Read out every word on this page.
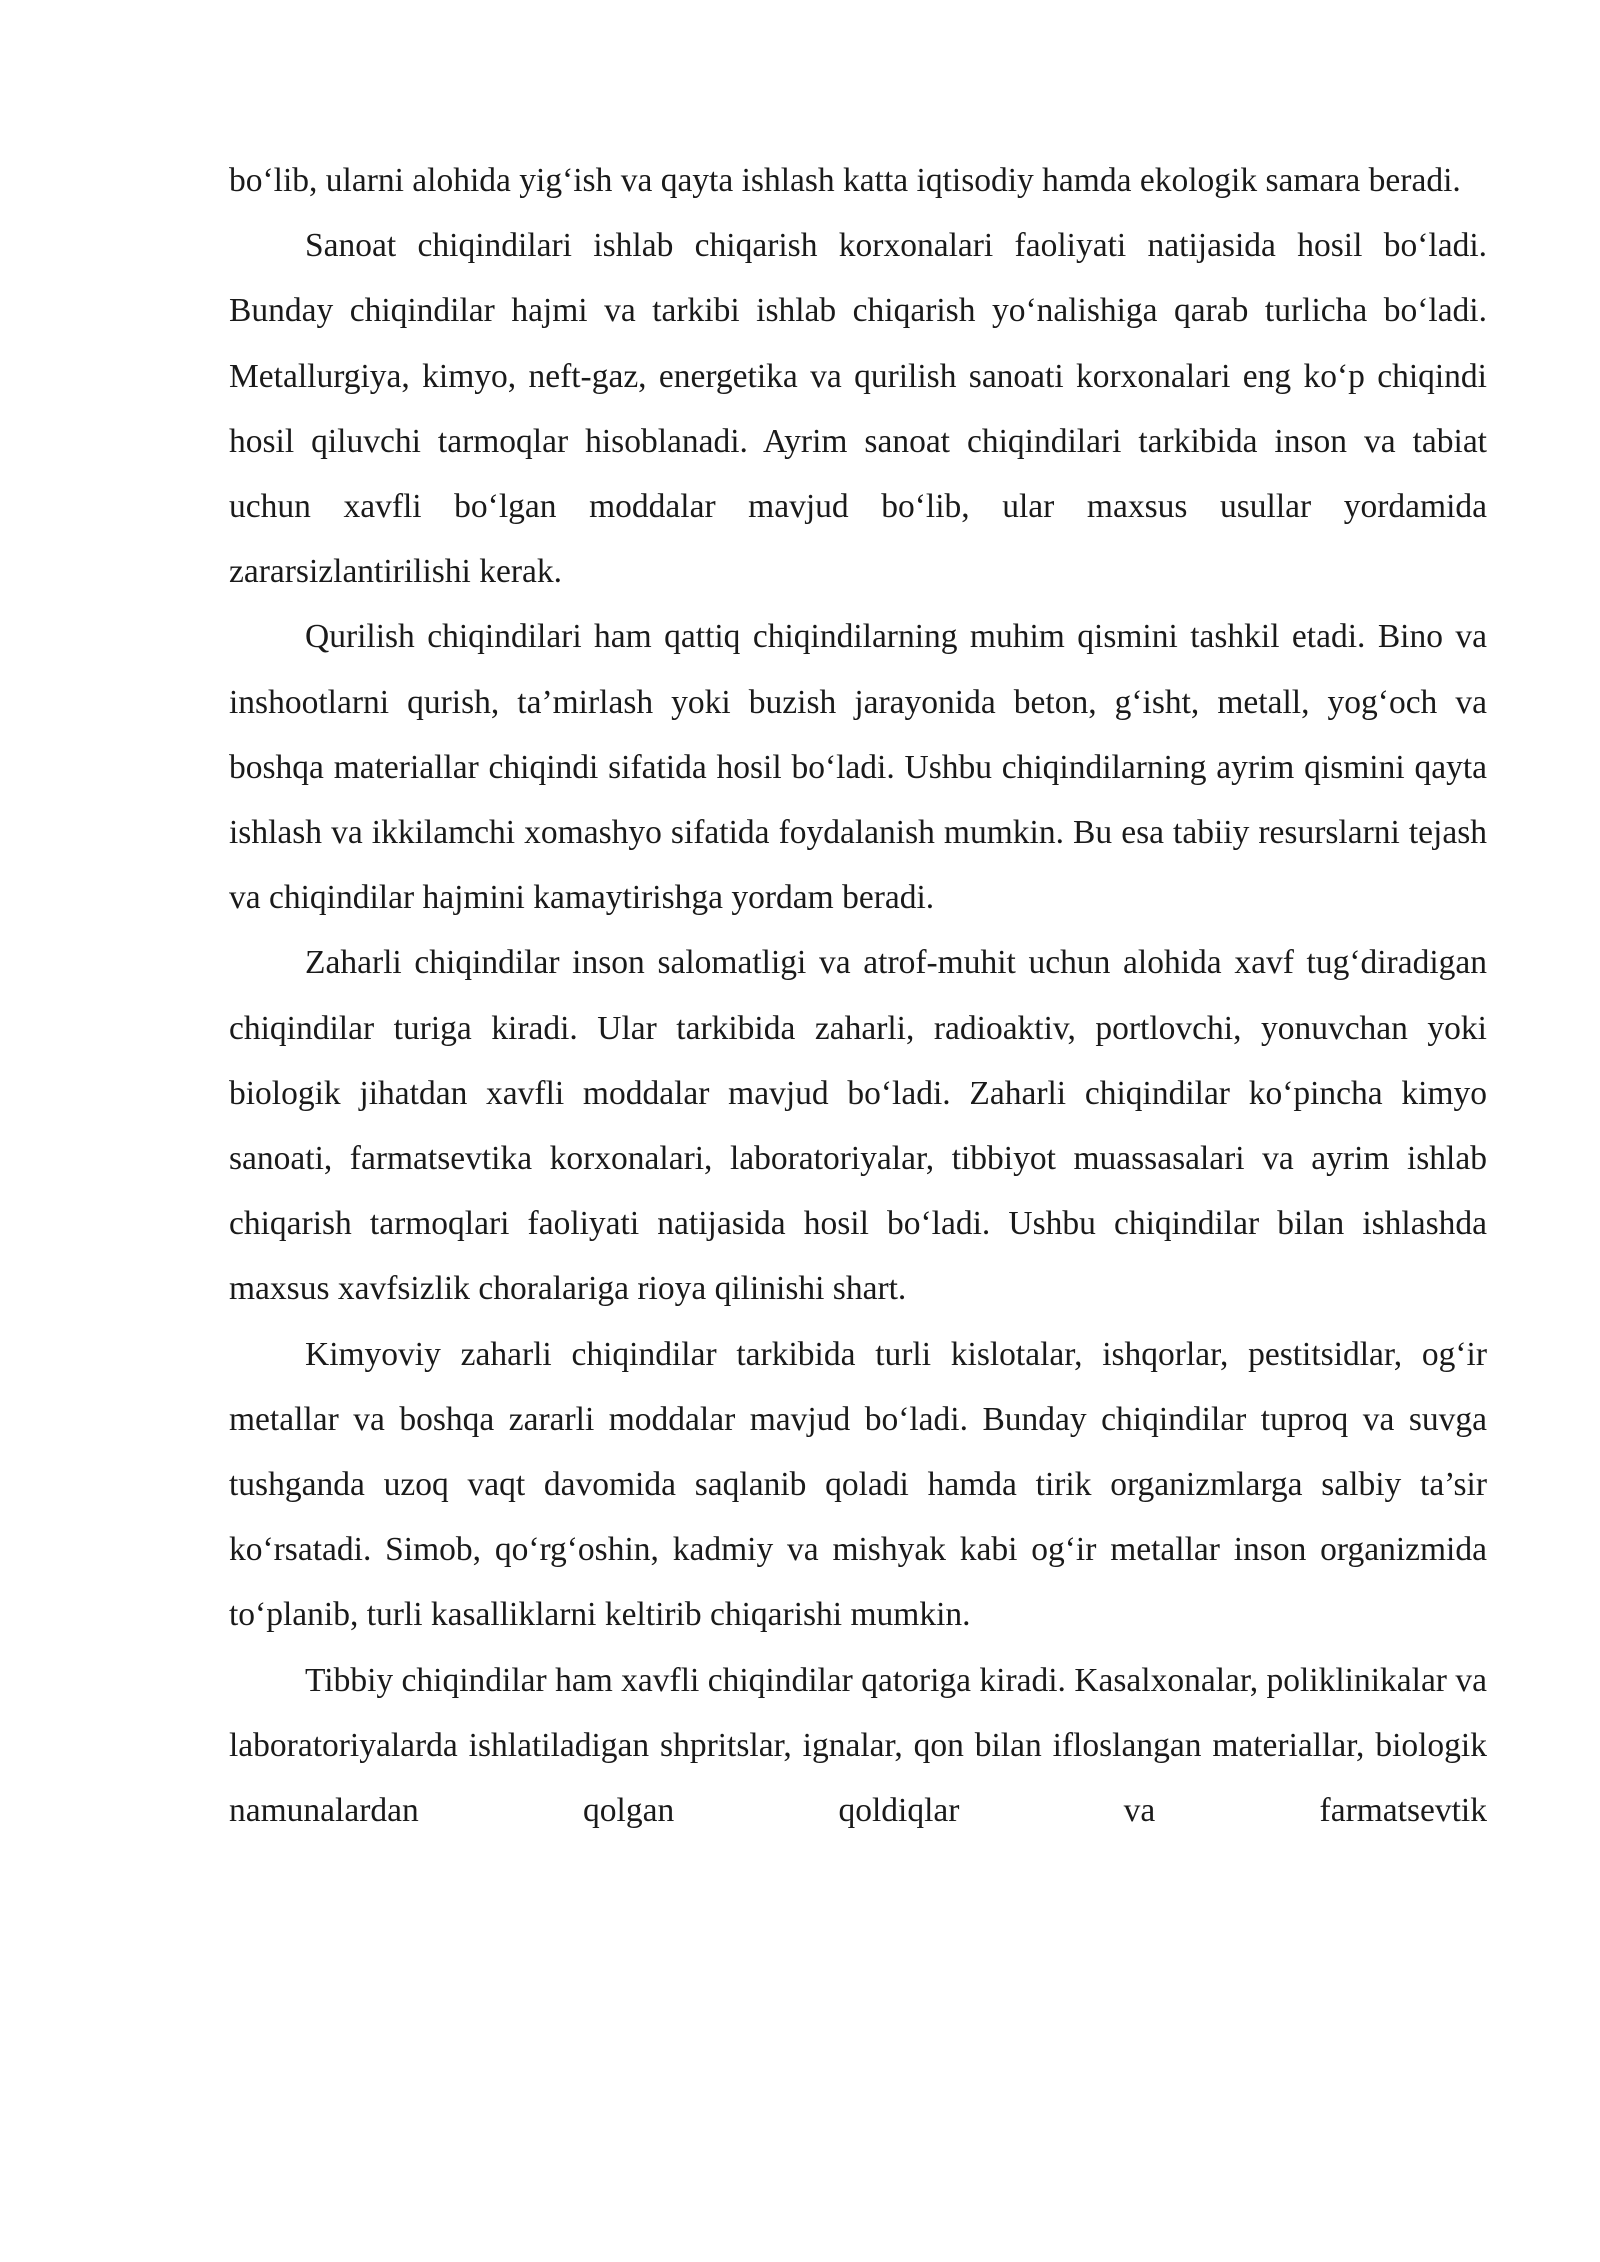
bo‘lib, ularni alohida yig‘ish va qayta ishlash katta iqtisodiy hamda ekologik samara beradi.

Sanoat chiqindilari ishlab chiqarish korxonalari faoliyati natijasida hosil bo‘ladi. Bunday chiqindilar hajmi va tarkibi ishlab chiqarish yo‘nalishiga qarab turlicha bo‘ladi. Metallurgiya, kimyo, neft-gaz, energetika va qurilish sanoati korxonalari eng ko‘p chiqindi hosil qiluvchi tarmoqlar hisoblanadi. Ayrim sanoat chiqindilari tarkibida inson va tabiat uchun xavfli bo‘lgan moddalar mavjud bo‘lib, ular maxsus usullar yordamida zararsizlantirilishi kerak.

Qurilish chiqindilari ham qattiq chiqindilarning muhim qismini tashkil etadi. Bino va inshootlarni qurish, ta’mirlash yoki buzish jarayonida beton, g‘isht, metall, yog‘och va boshqa materiallar chiqindi sifatida hosil bo‘ladi. Ushbu chiqindilarning ayrim qismini qayta ishlash va ikkilamchi xomashyo sifatida foydalanish mumkin. Bu esa tabiiy resurslarni tejash va chiqindilar hajmini kamaytirishga yordam beradi.

Zaharli chiqindilar inson salomatligi va atrof-muhit uchun alohida xavf tug‘diradigan chiqindilar turiga kiradi. Ular tarkibida zaharli, radioaktiv, portlovchi, yonuvchan yoki biologik jihatdan xavfli moddalar mavjud bo‘ladi. Zaharli chiqindilar ko‘pincha kimyo sanoati, farmatsevtika korxonalari, laboratoriyalar, tibbiyot muassasalari va ayrim ishlab chiqarish tarmoqlari faoliyati natijasida hosil bo‘ladi. Ushbu chiqindilar bilan ishlashda maxsus xavfsizlik choralariga rioya qilinishi shart.

Kimyoviy zaharli chiqindilar tarkibida turli kislotalar, ishqorlar, pestitsidlar, og‘ir metallar va boshqa zararli moddalar mavjud bo‘ladi. Bunday chiqindilar tuproq va suvga tushganda uzoq vaqt davomida saqlanib qoladi hamda tirik organizmlarga salbiy ta’sir ko‘rsatadi. Simob, qo‘rg‘oshin, kadmiy va mishyak kabi og‘ir metallar inson organizmida to‘planib, turli kasalliklarni keltirib chiqarishi mumkin.

Tibbiy chiqindilar ham xavfli chiqindilar qatoriga kiradi. Kasalxonalar, poliklinikalar va laboratoriyalarda ishlatiladigan shpritslar, ignalar, qon bilan ifloslangan materiallar, biologik namunalardan qolgan qoldiqlar va farmatsevtik
